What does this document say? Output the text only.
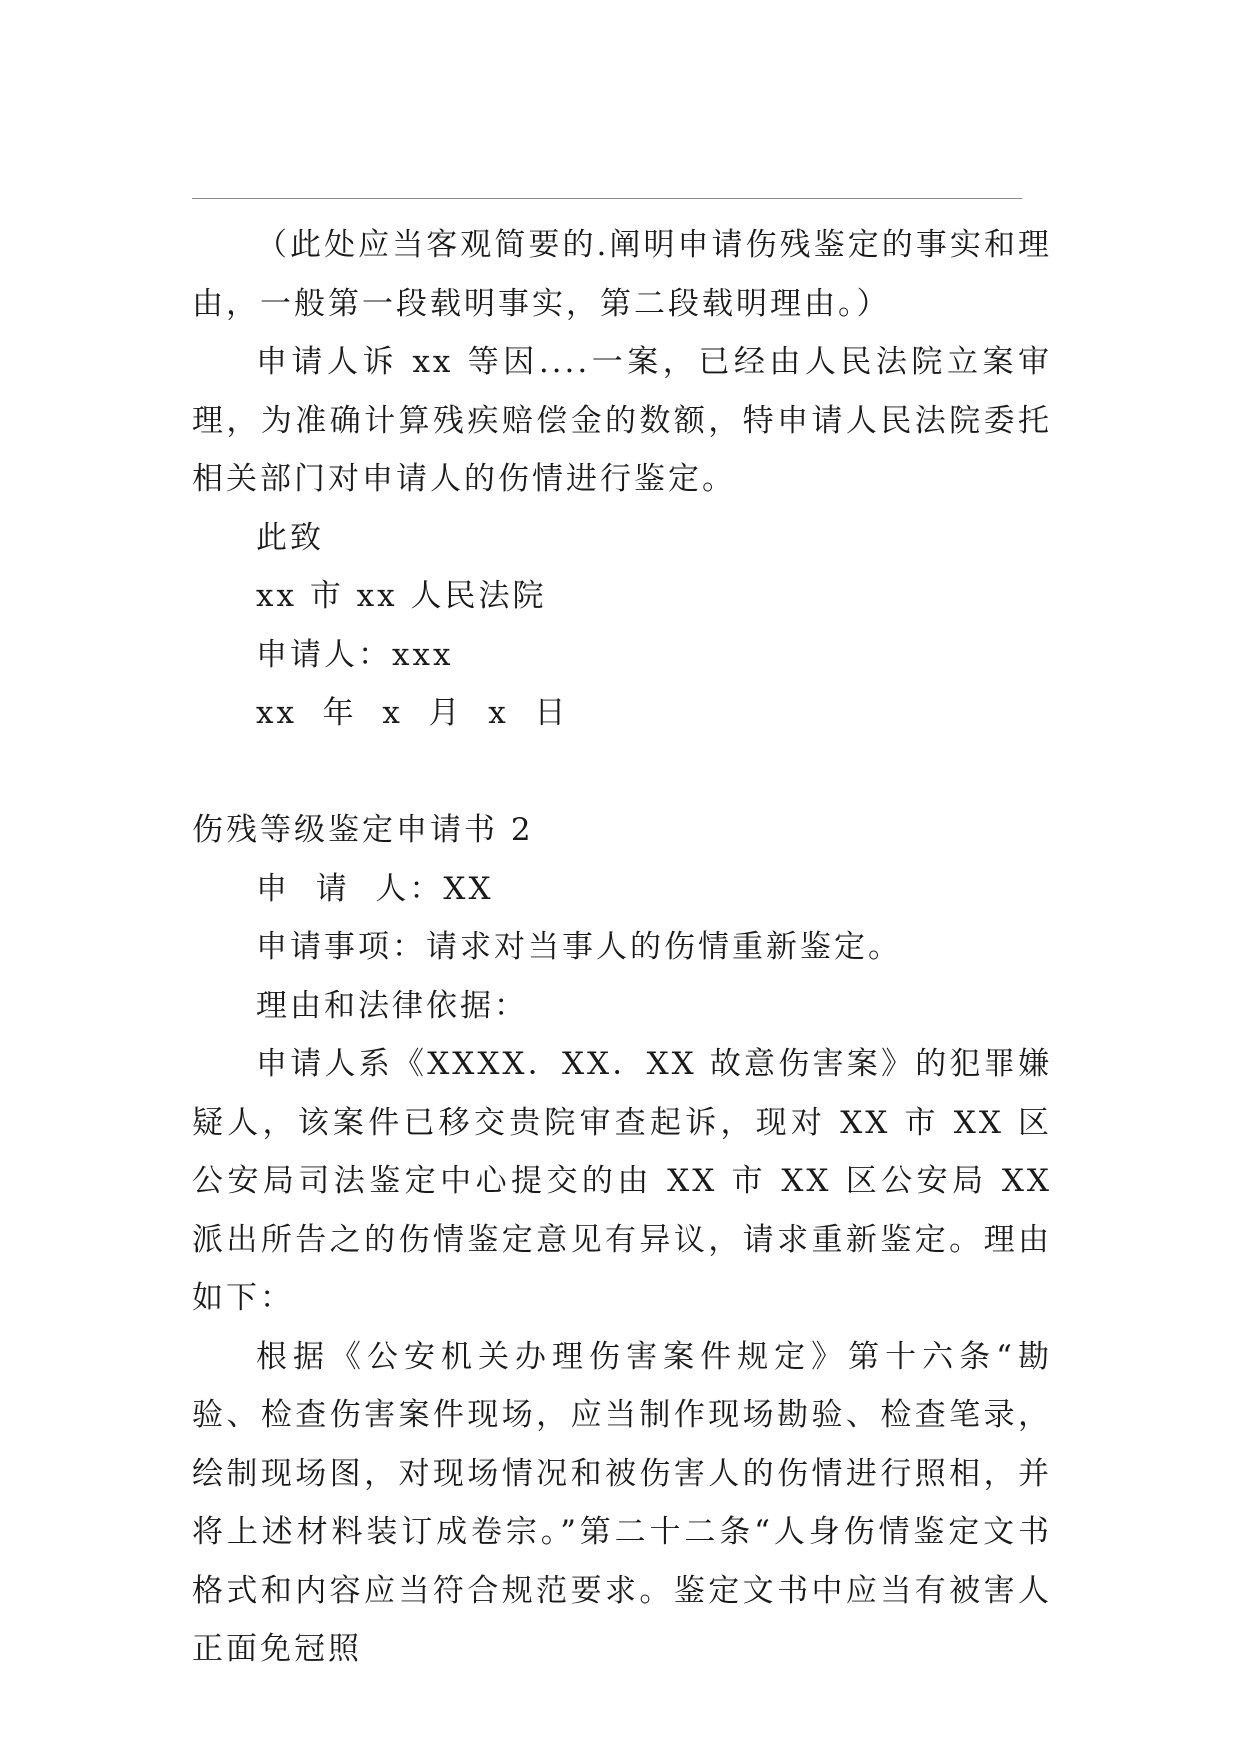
（此处应当客观简要的.阐明申请伤残鉴定的事实和理由，一般第一段载明事实，第二段载明理由。）

申请人诉 xx 等因....一案，已经由人民法院立案审理，为准确计算残疾赔偿金的数额，特申请人民法院委托相关部门对申请人的伤情进行鉴定。

此致

xx 市 xx 人民法院

申请人：xxx

xx  年  x  月  x  日

伤残等级鉴定申请书 2

申  请  人：XX

申请事项：请求对当事人的伤情重新鉴定。

理由和法律依据：

申请人系《XXXX．XX．XX 故意伤害案》的犯罪嫌疑人，该案件已移交贵院审查起诉，现对 XX 市 XX 区公安局司法鉴定中心提交的由 XX 市 XX 区公安局 XX 派出所告之的伤情鉴定意见有异议，请求重新鉴定。理由如下：

根据《公安机关办理伤害案件规定》第十六条“勘验、检查伤害案件现场，应当制作现场勘验、检查笔录，绘制现场图，对现场情况和被伤害人的伤情进行照相，并将上述材料装订成卷宗。”第二十二条“人身伤情鉴定文书格式和内容应当符合规范要求。鉴定文书中应当有被害人正面免冠照
